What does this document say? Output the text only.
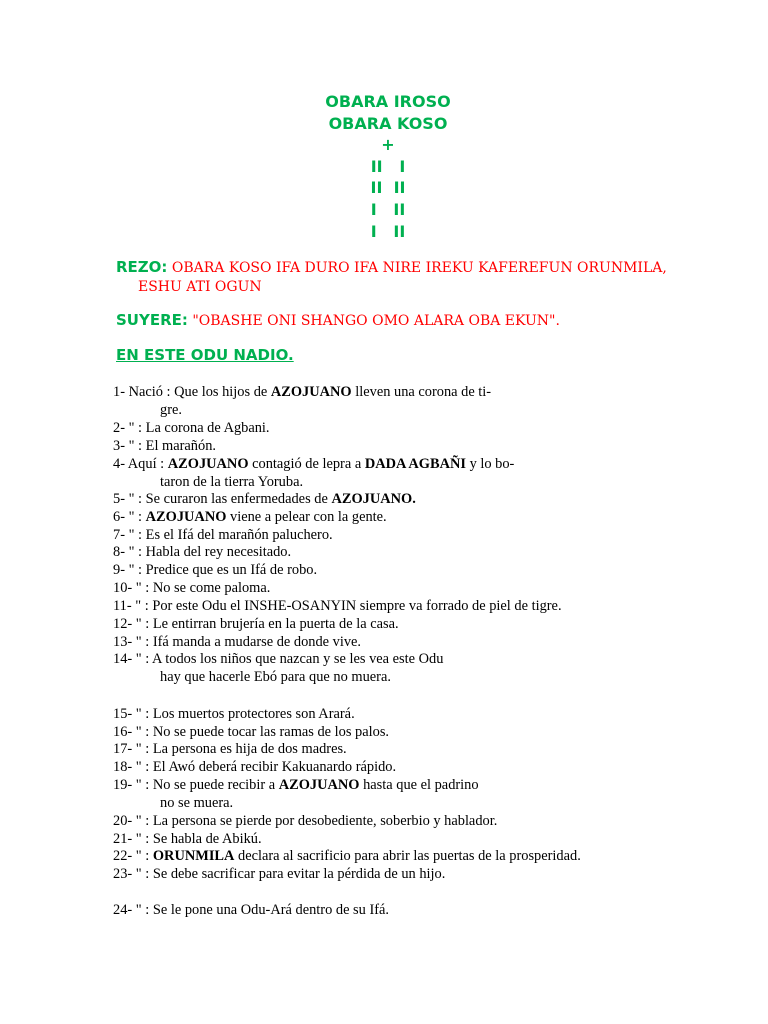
OBARA IROSO
OBARA KOSO
+
II   I
II  II
I   II
I   II
REZO: OBARA KOSO IFA DURO IFA NIRE IREKU KAFEREFUN ORUNMILA,
ESHU ATI OGUN
SUYERE: "OBASHE ONI SHANGO OMO ALARA OBA EKUN".
EN ESTE ODU NADIO.
1- Nació : Que los hijos de AZOJUANO lleven una corona de ti-
gre.
2- " : La corona de Agbani.
3- " : El marañón.
4- Aquí : AZOJUANO contagió de lepra a DADA AGBAÑI y lo bo-
taron de la tierra Yoruba.
5- " : Se curaron las enfermedades de AZOJUANO.
6- " : AZOJUANO viene a pelear con la gente.
7- " : Es el Ifá del marañón paluchero.
8- " : Habla del rey necesitado.
9- " : Predice que es un Ifá de robo.
10- " : No se come paloma.
11- " : Por este Odu el INSHE-OSANYIN siempre va forrado de piel de tigre.
12- " : Le entirran brujería en la puerta de la casa.
13- " : Ifá manda a mudarse de donde vive.
14- " : A todos los niños que nazcan y se les vea este Odu
hay que hacerle Ebó para que no muera.
15- " : Los muertos protectores son Arará.
16- " : No se puede tocar las ramas de los palos.
17- " : La persona es hija de dos madres.
18- " : El Awó deberá recibir Kakuanardo rápido.
19- " : No se puede recibir a AZOJUANO hasta que el padrino
no se muera.
20- " : La persona se pierde por desobediente, soberbio y hablador.
21- " : Se habla de Abikú.
22- " : ORUNMILA declara al sacrificio para abrir las puertas de la prosperidad.
23- " : Se debe sacrificar para evitar la pérdida de un hijo.
24- " : Se le pone una Odu-Ará dentro de su Ifá.
